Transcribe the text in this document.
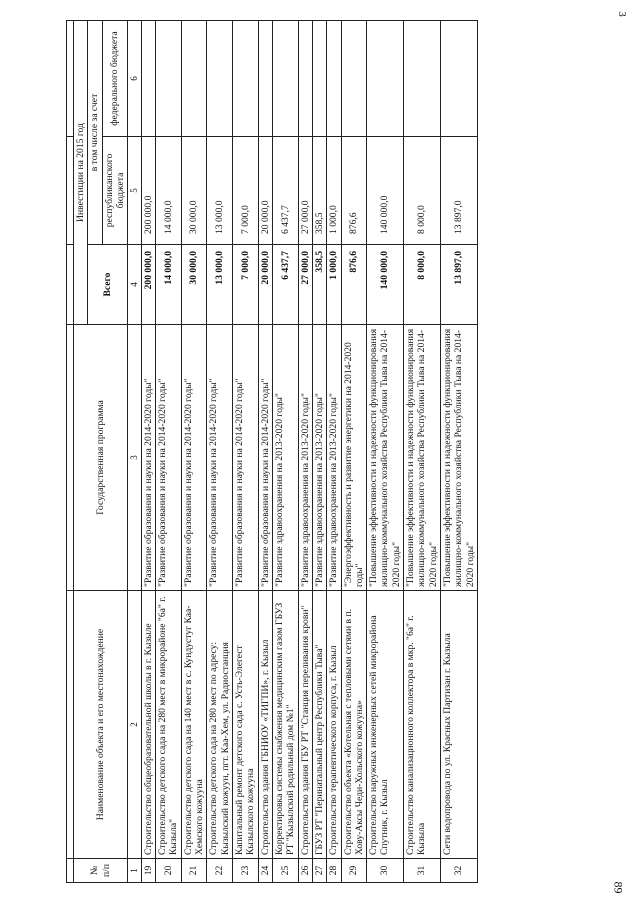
3
89

№ п/п	Наименование объекта и его местонахождение	Государственная программа	Инвестиции на 2015 год		
			Всего	в том числе за счет	
				республиканского бюджета	федерального бюджета
1	2	3	4	5	6
19	Строительство общеобразовательной школы в г. Кызыле	"Развитие образования и науки на 2014-2020 годы"	200 000,0	200 000,0	
20	Строительство детского сада на 280 мест в микрорайоне "6а" г. Кызыла"	"Развитие образования и науки на 2014-2020 годы"	14 000,0	14 000,0	
21	Строительство детского сада на 140 мест в с. Кундустуг Каа-Хемского кожууна	"Развитие образования и науки на 2014-2020 годы"	30 000,0	30 000,0	
22	Строительство детского сада на 280 мест по адресу: Кызылский кожуун, пгт. Каа-Хем, ул. Радиостанция	"Развитие образования и науки на 2014-2020 годы"	13 000,0	13 000,0	
23	Капитальный ремонт детского сада с. Усть-Элегест Кызылского кожууна	"Развитие образования и науки на 2014-2020 годы"	7 000,0	7 000,0	
24	Строительство здания ГБНИОУ «ТИГПИ», г. Кызыл	"Развитие образования и науки на 2014-2020 годы"	20 000,0	20 000,0	
25	Корректировка системы снабжения медицинским газом ГБУЗ РТ "Кызылский родильный дом №1"	"Развитие здравоохранения на 2013-2020 годы"	6 437,7	6 437,7	
26	Строительство здания ГБУ РТ "Станция переливания крови"	"Развитие здравоохранения на 2013-2020 годы"	27 000,0	27 000,0	
27	ГБУЗ РТ "Перинатальный центр Республики Тыва"	"Развитие здравоохранения на 2013-2020 годы"	358,5	358,5	
28	Строительство терапевтического корпуса, г. Кызыл	"Развитие здравоохранения на 2013-2020 годы"	1 000,0	1 000,0	
29	Строительство объекта «Котельная с тепловыми сетями в п. Хову-Аксы Чеди-Хольского кожууна»	"Энергоэффективность и развитие энергетики на 2014-2020 годы"	876,6	876,6	
30	Строительство наружных инженерных сетей микрорайона Спутник, г. Кызыл	"Повышение эффективности и надежности функционирования жилищно-коммунального хозяйства Республики Тыва на 2014-2020 годы"	140 000,0	140 000,0	
31	Строительство канализационного коллектора в мкр. "6а" г. Кызыла	"Повышение эффективности и надежности функционирования жилищно-коммунального хозяйства Республики Тыва на 2014-2020 годы"	8 000,0	8 000,0	
32	Сети водопровода по ул. Красных Партизан г. Кызыла	"Повышение эффективности и надежности функционирования жилищно-коммунального хозяйства Республики Тыва на 2014-2020 годы"	13 897,0	13 897,0	
